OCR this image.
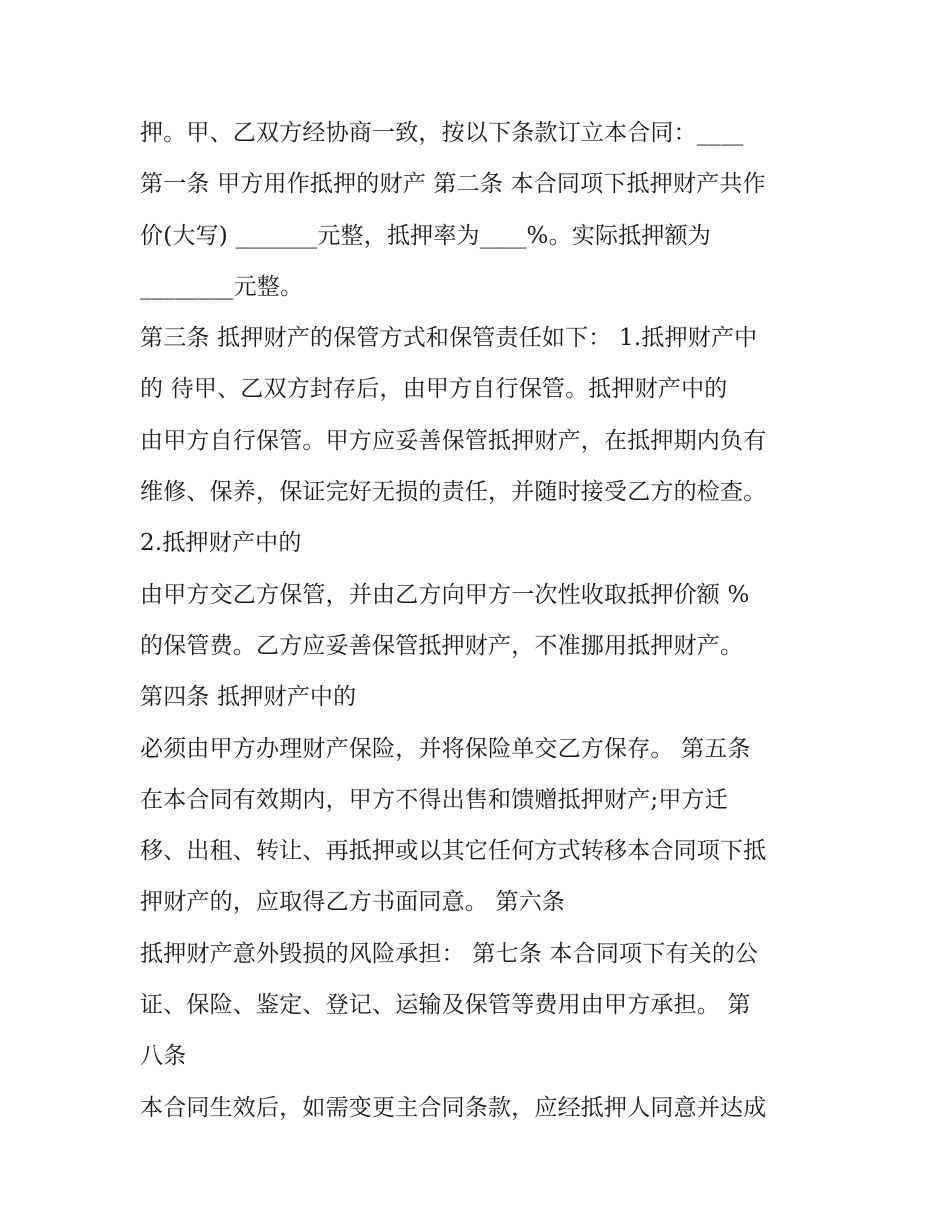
押。甲、乙双方经协商一致，按以下条款订立本合同：____
第一条 甲方用作抵押的财产 第二条 本合同项下抵押财产共作
价(大写) _______元整，抵押率为____%。实际抵押额为
________元整。
第三条 抵押财产的保管方式和保管责任如下： 1.抵押财产中
的 待甲、乙双方封存后，由甲方自行保管。抵押财产中的
由甲方自行保管。甲方应妥善保管抵押财产，在抵押期内负有
维修、保养，保证完好无损的责任，并随时接受乙方的检查。
2.抵押财产中的
由甲方交乙方保管，并由乙方向甲方一次性收取抵押价额 %
的保管费。乙方应妥善保管抵押财产，不准挪用抵押财产。
第四条 抵押财产中的
必须由甲方办理财产保险，并将保险单交乙方保存。 第五条
在本合同有效期内，甲方不得出售和馈赠抵押财产;甲方迁
移、出租、转让、再抵押或以其它任何方式转移本合同项下抵
押财产的，应取得乙方书面同意。 第六条
抵押财产意外毁损的风险承担： 第七条 本合同项下有关的公
证、保险、鉴定、登记、运输及保管等费用由甲方承担。 第
八条
本合同生效后，如需变更主合同条款，应经抵押人同意并达成
